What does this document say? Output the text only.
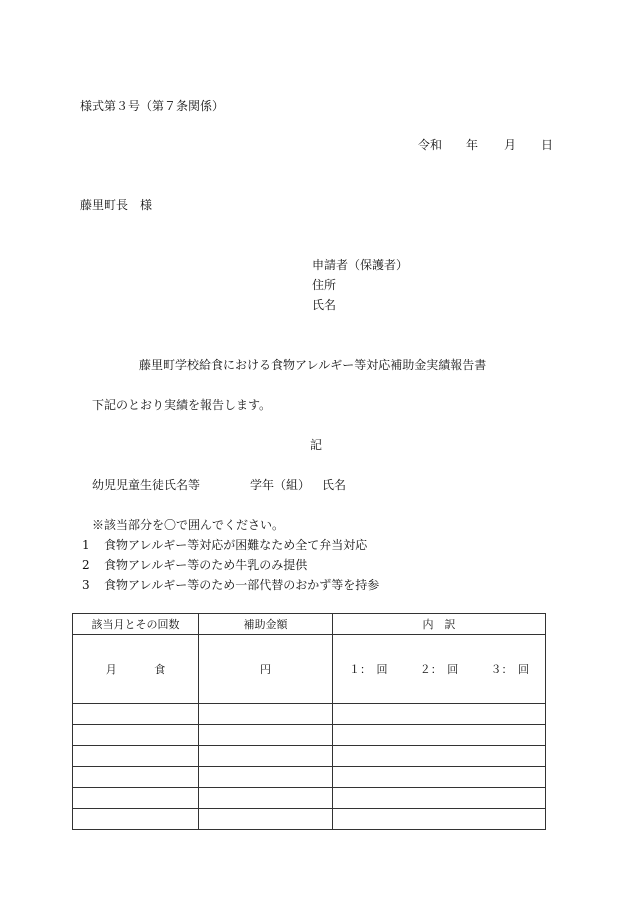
様式第３号（第７条関係）
令和 年 月 日
藤里町長　様
申請者（保護者）
住所
氏名
藤里町学校給食における食物アレルギー等対応補助金実績報告書
下記のとおり実績を報告します。
記
幼児児童生徒氏名等	学年（組） 氏名
※該当部分を〇で囲んでください。
1 食物アレルギー等対応が困難なため全て弁当対応
2 食物アレルギー等のため牛乳のみ提供
3 食物アレルギー等のため一部代替のおかず等を持参
該当月とその回数	補助金額	内　訳

月 食	円	１：　回 ２：　回 ３：　回
